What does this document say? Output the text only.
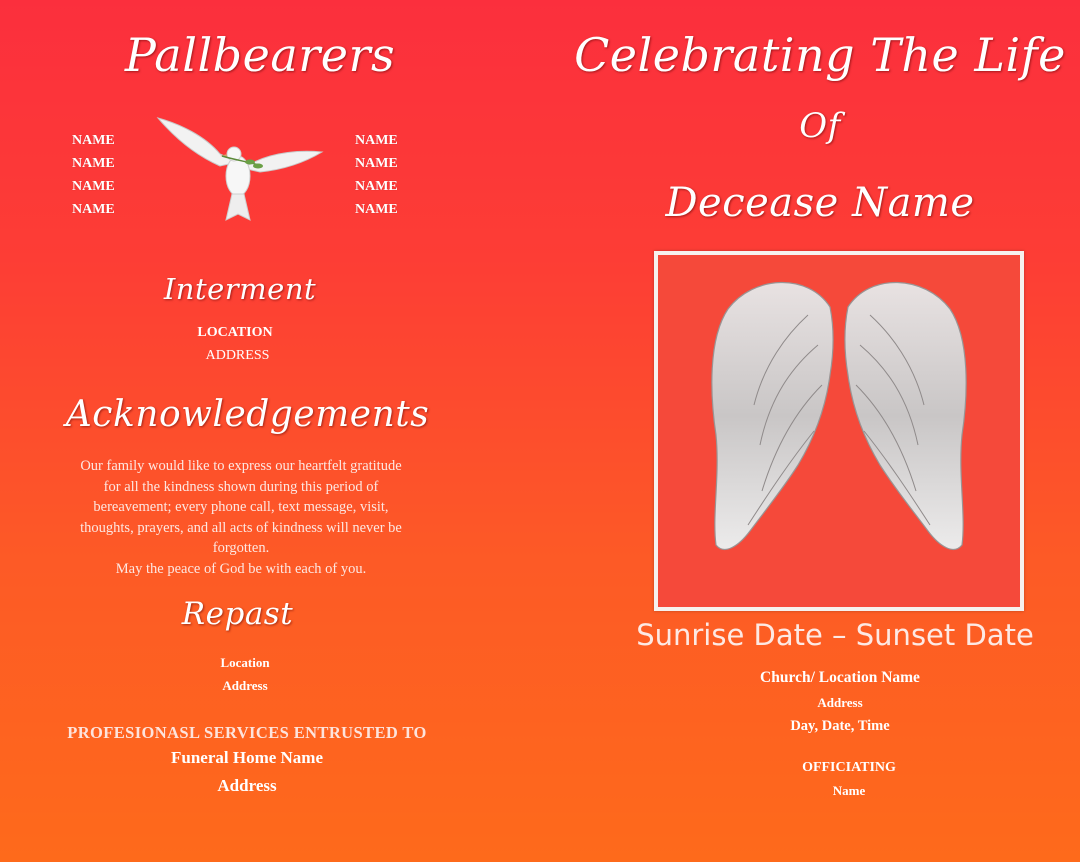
Pallbearers
NAME
NAME
NAME
NAME
NAME
NAME
NAME
NAME
Interment
LOCATION
ADDRESS
Acknowledgements
Our family would like to express our heartfelt gratitude
for all the kindness shown during this period of
bereavement; every phone call, text message, visit,
thoughts, prayers, and all acts of kindness will never be
forgotten.
May the peace of God be with each of you.
Repast
Location
Address
PROFESIONASL SERVICES ENTRUSTED TO
Funeral Home Name
Address
Celebrating The Life
Of
Decease Name
Sunrise Date – Sunset Date
Church/ Location Name
Address
Day, Date, Time
OFFICIATING
Name
